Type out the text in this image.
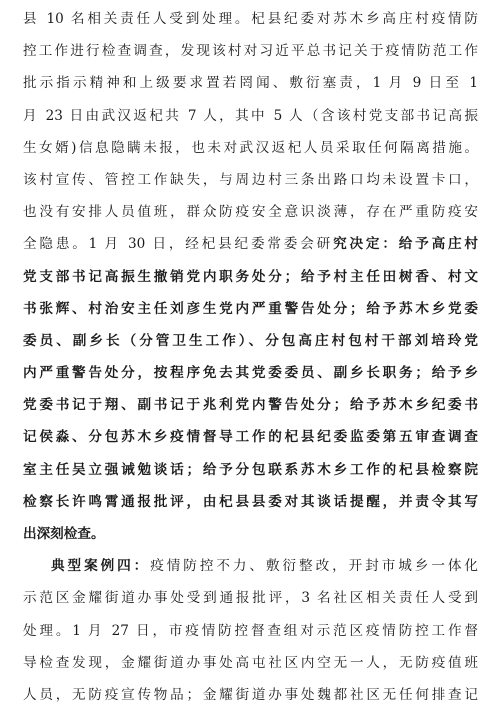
县 10 名相关责任人受到处理。杞县纪委对苏木乡高庄村疫情防
控工作进行检查调查，发现该村对习近平总书记关于疫情防范工作
批示指示精神和上级要求置若罔闻、敷衍塞责，1 月 9 日至 1
月 23 日由武汉返杞共 7 人，其中 5 人（含该村党支部书记高振
生女婿)信息隐瞒未报，也未对武汉返杞人员采取任何隔离措施。
该村宣传、管控工作缺失，与周边村三条出路口均未设置卡口，
也没有安排人员值班，群众防疫安全意识淡薄，存在严重防疫安
全隐患。1 月 30 日，经杞县纪委常委会研究决定：给予高庄村
党支部书记高振生撤销党内职务处分；给予村主任田树香、村文
书张辉、村治安主任刘彦生党内严重警告处分；给予苏木乡党委
委员、副乡长（分管卫生工作）、分包高庄村包村干部刘培玲党
内严重警告处分，按程序免去其党委委员、副乡长职务；给予乡
党委书记于翔、副书记于兆利党内警告处分；给予苏木乡纪委书
记侯淼、分包苏木乡疫情督导工作的杞县纪委监委第五审查调查
室主任吴立强诫勉谈话；给予分包联系苏木乡工作的杞县检察院
检察长许鸣霄通报批评，由杞县县委对其谈话提醒，并责令其写
出深刻检查。
典型案例四：疫情防控不力、敷衍整改，开封市城乡一体化
示范区金耀街道办事处受到通报批评，3 名社区相关责任人受到
处理。1 月 27 日，市疫情防控督查组对示范区疫情防控工作督
导检查发现，金耀街道办事处高屯社区内空无一人，无防疫值班
人员，无防疫宣传物品；金耀街道办事处魏都社区无任何排查记
